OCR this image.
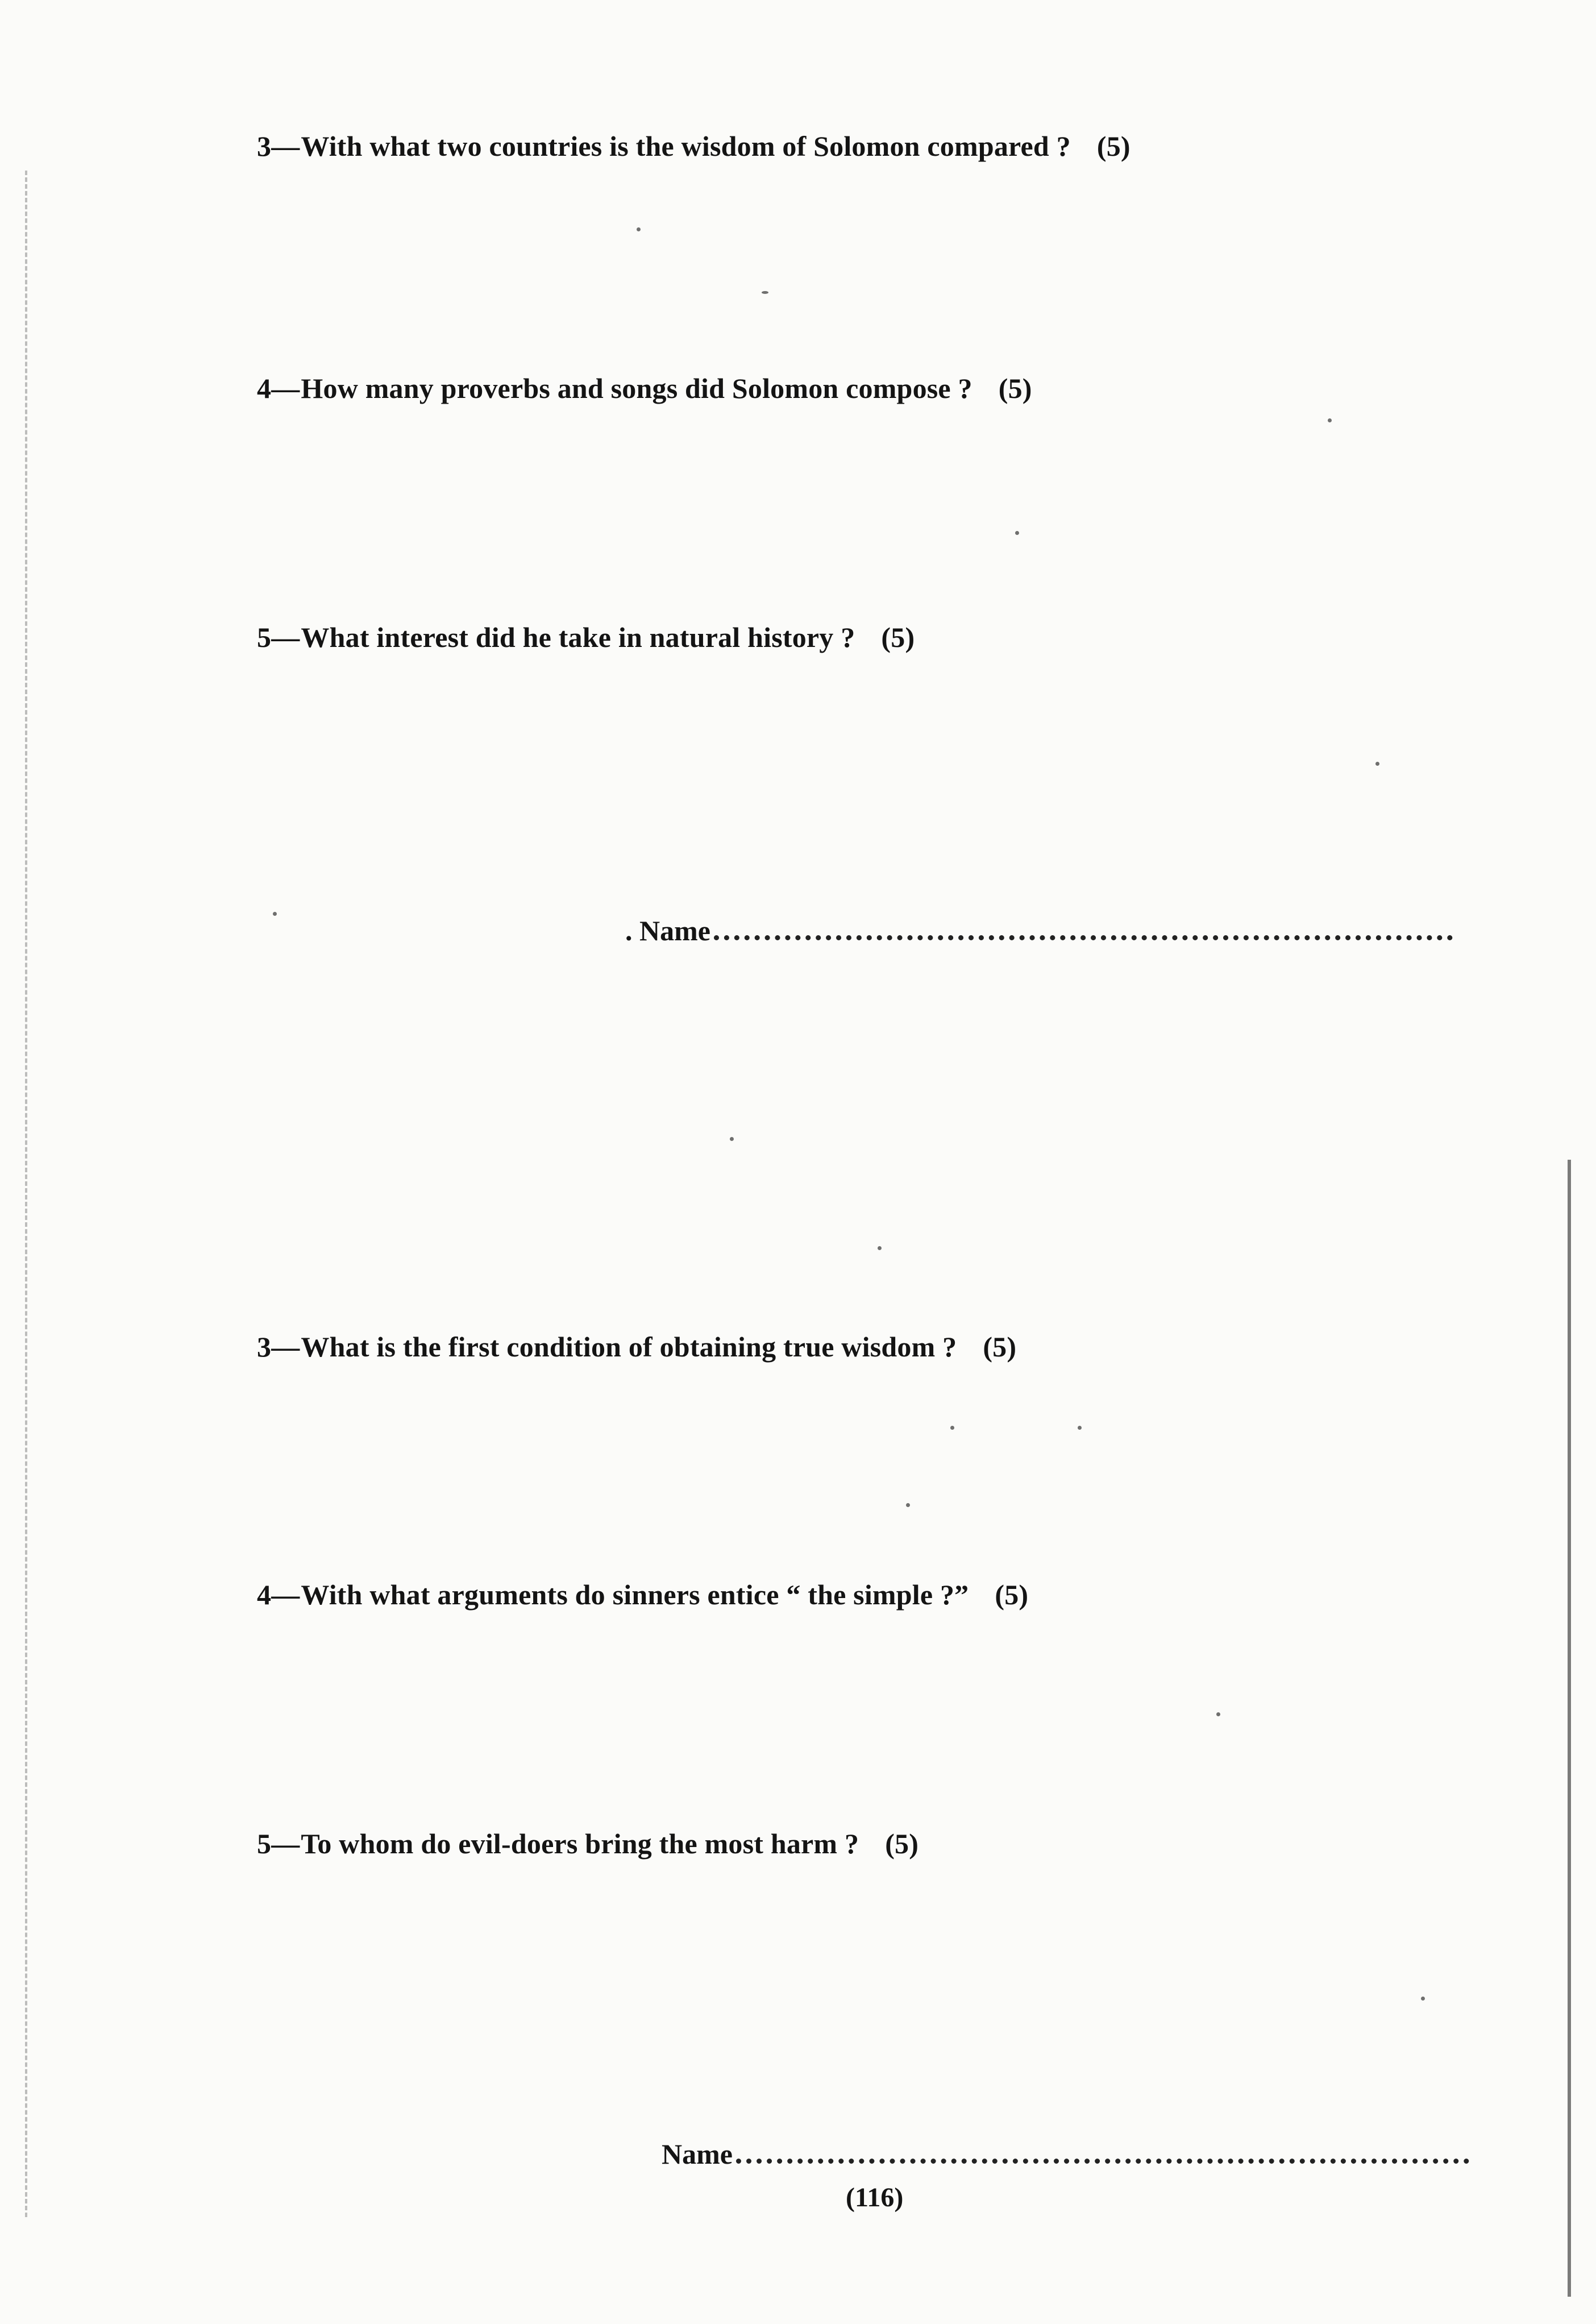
3—With what two countries is the wisdom of Solomon compared ? (5)
4—How many proverbs and songs did Solomon compose ? (5)
5—What interest did he take in natural history ? (5)
. Name
3—What is the first condition of obtaining true wisdom ? (5)
4—With what arguments do sinners entice “ the simple ?” (5)
5—To whom do evil-doers bring the most harm ? (5)
Name
(116)
